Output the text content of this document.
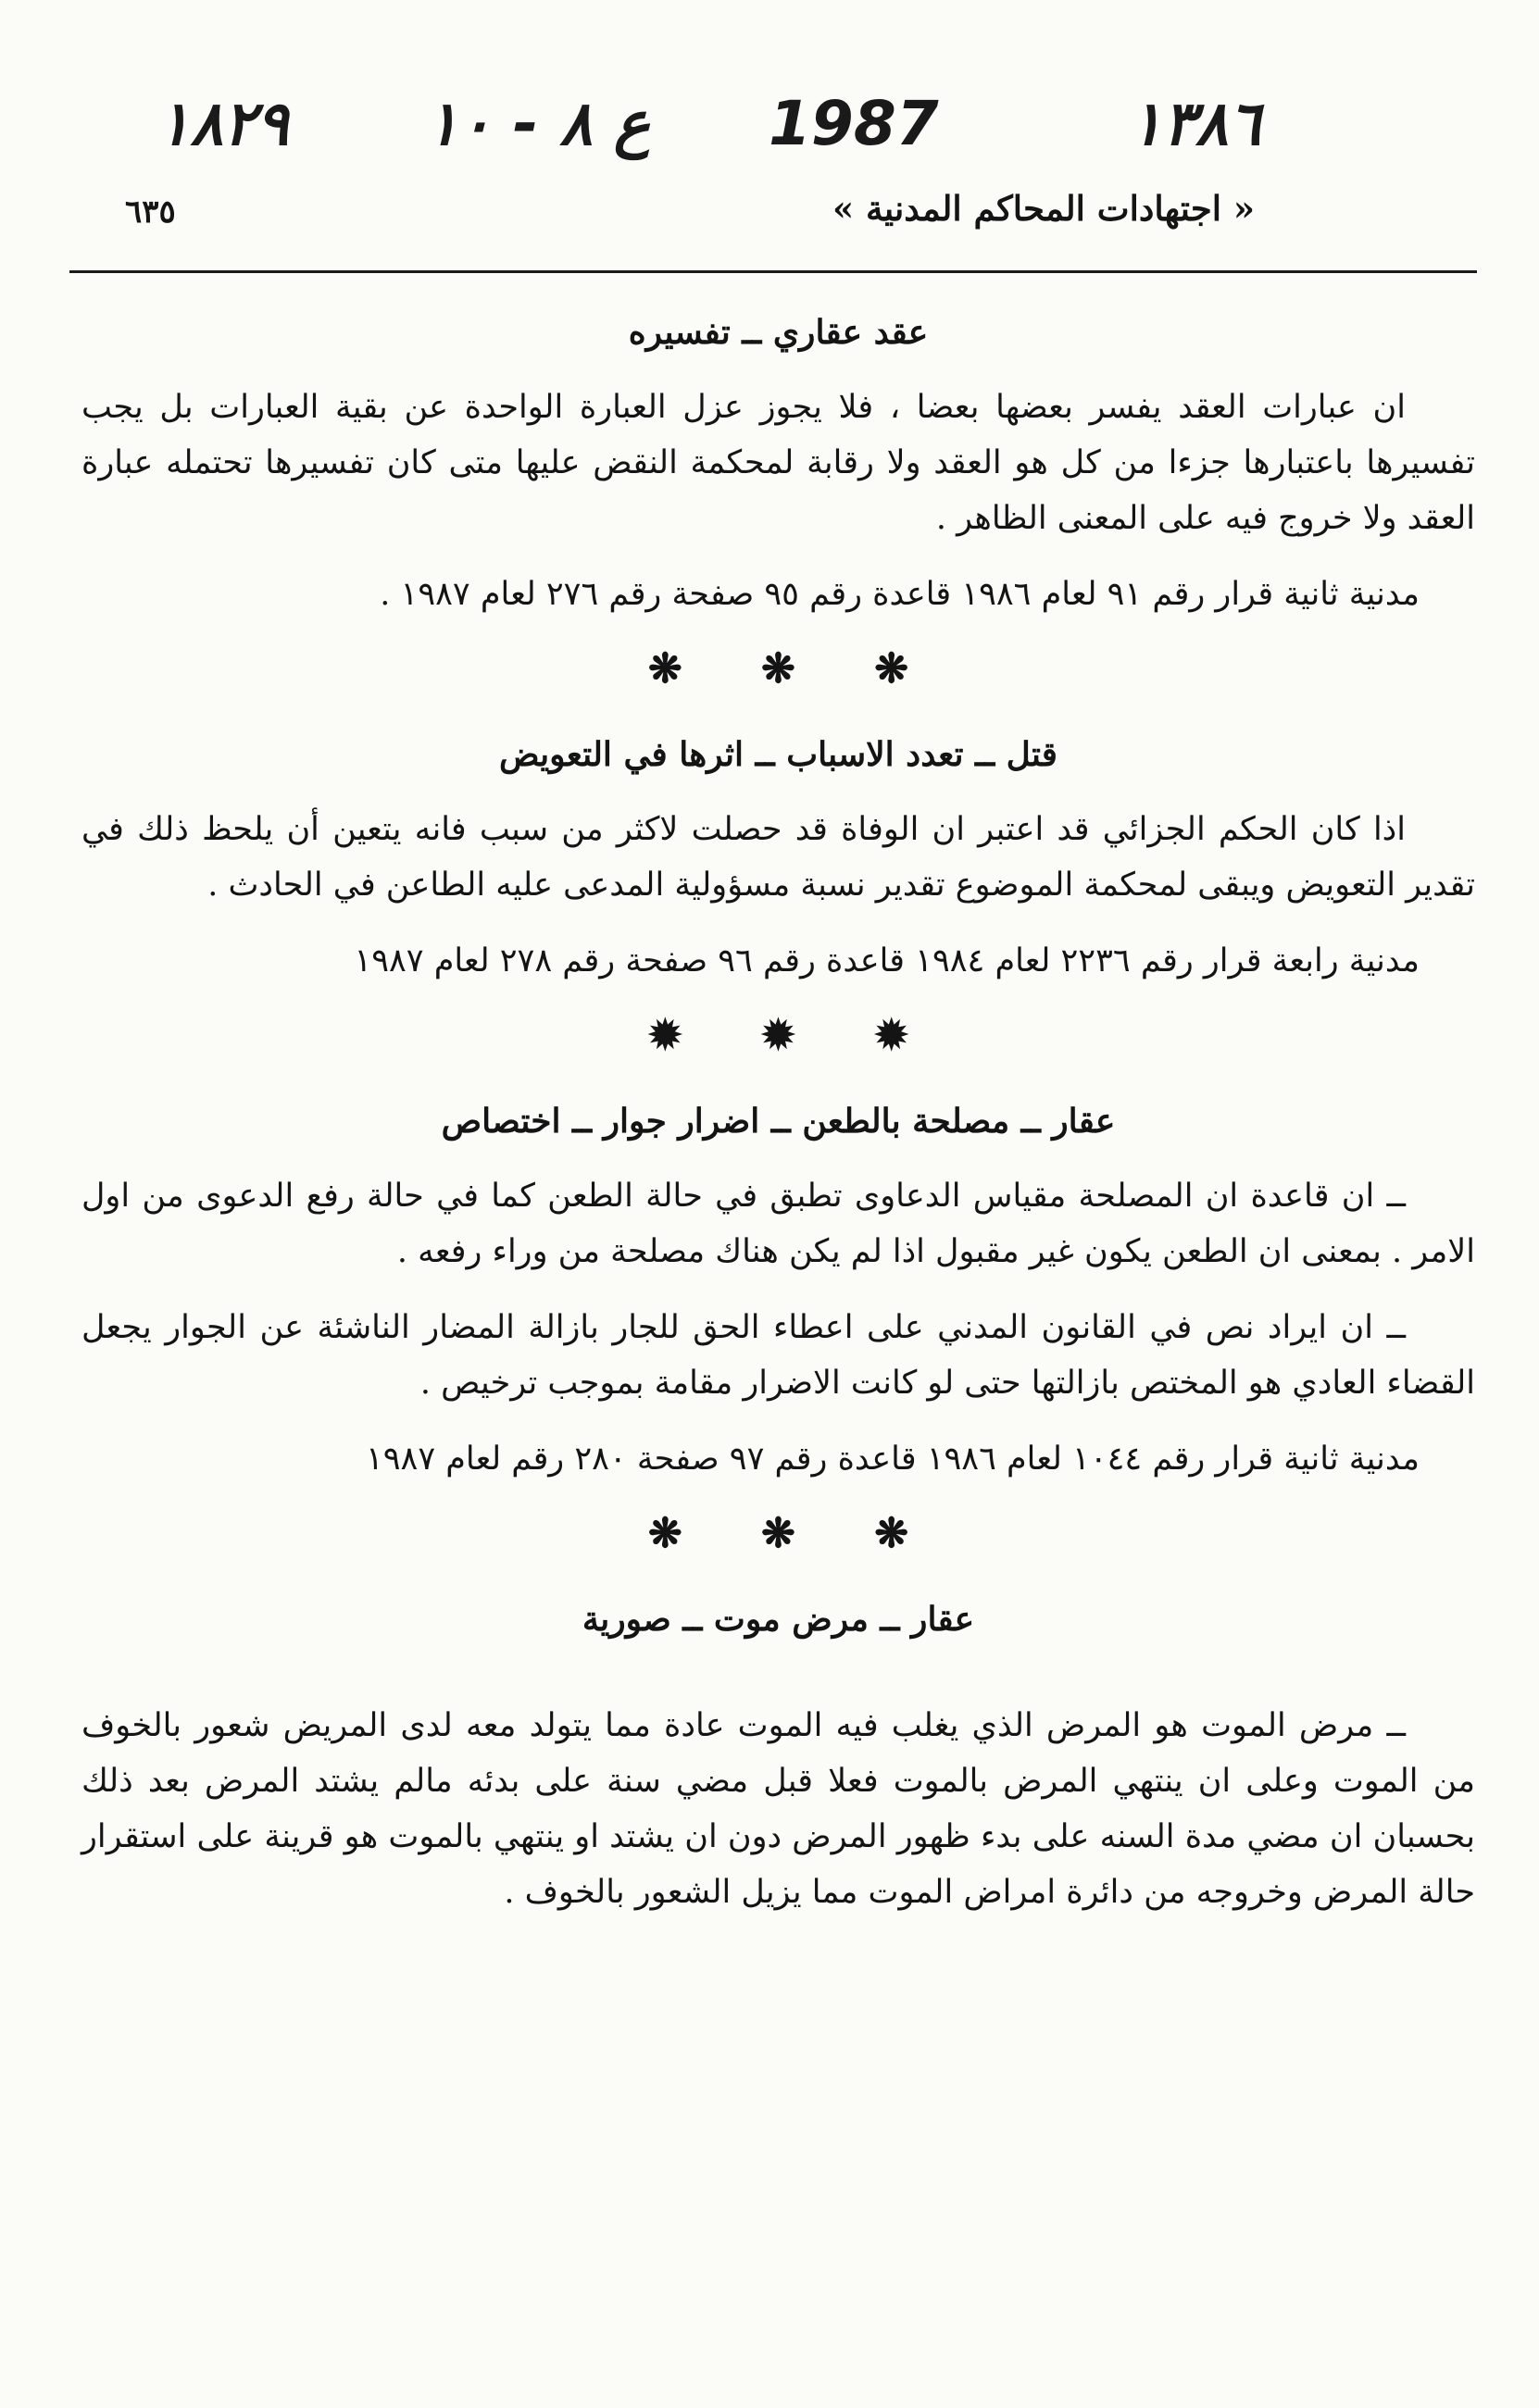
١٨٢٩ ع ٨ - ١٠ 1987	١٣٨٦
« اجتهادات المحاكم المدنية »
٦٣٥
عقد عقاري ــ تفسيره

ان عبارات العقد يفسر بعضها بعضا ، فلا يجوز عزل العبارة الواحدة عن بقية العبارات بل يجب تفسيرها باعتبارها جزءا من كل هو العقد ولا رقابة لمحكمة النقض عليها متى كان تفسيرها تحتمله عبارة العقد ولا خروج فيه على المعنى الظاهر .

مدنية ثانية قرار رقم ٩١ لعام ١٩٨٦ قاعدة رقم ٩٥ صفحة رقم ٢٧٦ لعام ١٩٨٧ .
❋ ❋ ❋
قتل ــ تعدد الاسباب ــ اثرها في التعويض

اذا كان الحكم الجزائي قد اعتبر ان الوفاة قد حصلت لاكثر من سبب فانه يتعين أن يلحظ ذلك في تقدير التعويض ويبقى لمحكمة الموضوع تقدير نسبة مسؤولية المدعى عليه الطاعن في الحادث .

مدنية رابعة قرار رقم ٢٢٣٦ لعام ١٩٨٤ قاعدة رقم ٩٦ صفحة رقم ٢٧٨ لعام ١٩٨٧
✹ ✹ ✹
عقار ــ مصلحة بالطعن ــ اضرار جوار ــ اختصاص

ــ ان قاعدة ان المصلحة مقياس الدعاوى تطبق في حالة الطعن كما في حالة رفع الدعوى من اول الامر . بمعنى ان الطعن يكون غير مقبول اذا لم يكن هناك مصلحة من وراء رفعه .

ــ ان ايراد نص في القانون المدني على اعطاء الحق للجار بازالة المضار الناشئة عن الجوار يجعل القضاء العادي هو المختص بازالتها حتى لو كانت الاضرار مقامة بموجب ترخيص .

مدنية ثانية قرار رقم ١٠٤٤ لعام ١٩٨٦ قاعدة رقم ٩٧ صفحة ٢٨٠ رقم لعام ١٩٨٧
❋ ❋ ❋
عقار ــ مرض موت ــ صورية

ــ مرض الموت هو المرض الذي يغلب فيه الموت عادة مما يتولد معه لدى المريض شعور بالخوف من الموت وعلى ان ينتهي المرض بالموت فعلا قبل مضي سنة على بدئه مالم يشتد المرض بعد ذلك بحسبان ان مضي مدة السنه على بدء ظهور المرض دون ان يشتد او ينتهي بالموت هو قرينة على استقرار حالة المرض وخروجه من دائرة امراض الموت مما يزيل الشعور بالخوف .
